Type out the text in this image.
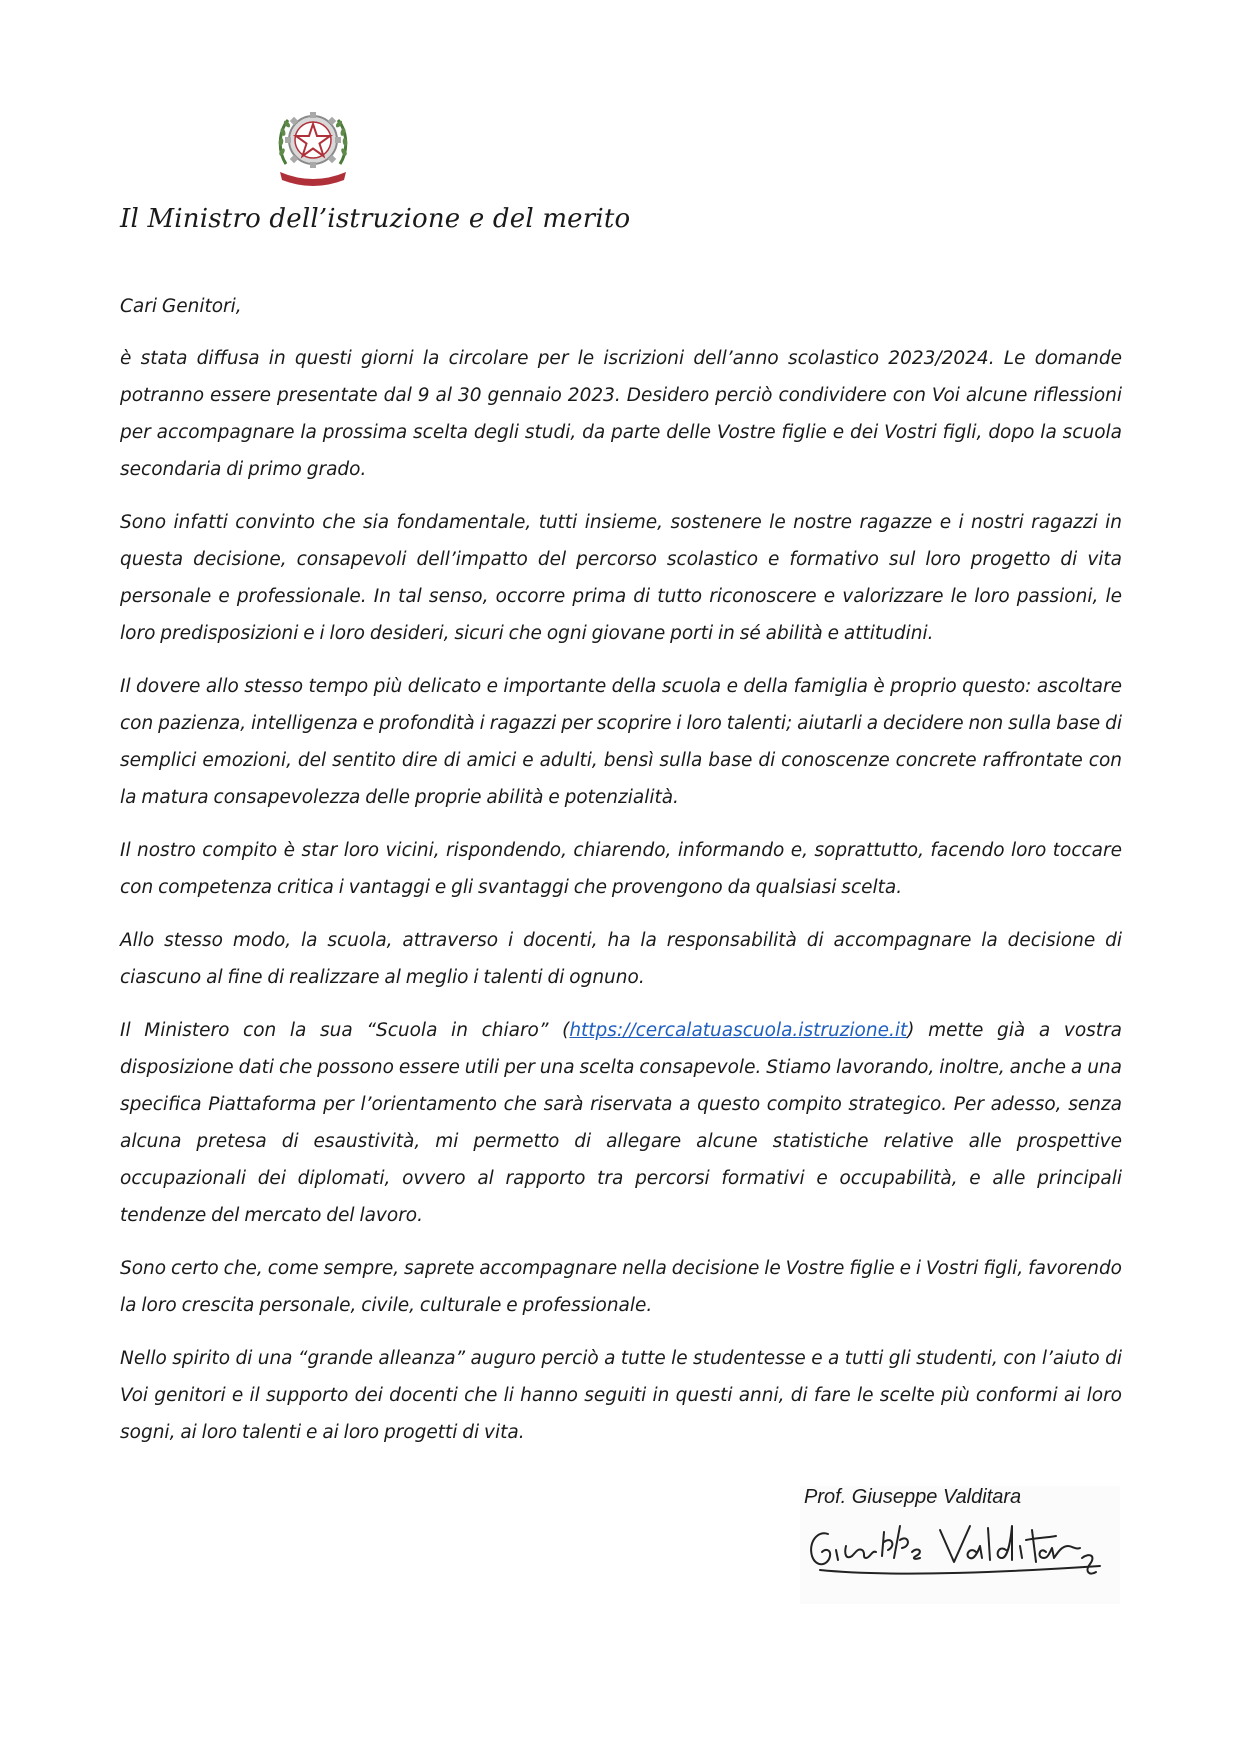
Il Ministro dell’istruzione e del merito

Cari Genitori,

è stata diffusa in questi giorni la circolare per le iscrizioni dell’anno scolastico 2023/2024. Le domande potranno essere presentate dal 9 al 30 gennaio 2023. Desidero perciò condividere con Voi alcune riflessioni per accompagnare la prossima scelta degli studi, da parte delle Vostre figlie e dei Vostri figli, dopo la scuola secondaria di primo grado.

Sono infatti convinto che sia fondamentale, tutti insieme, sostenere le nostre ragazze e i nostri ragazzi in questa decisione, consapevoli dell’impatto del percorso scolastico e formativo sul loro progetto di vita personale e professionale. In tal senso, occorre prima di tutto riconoscere e valorizzare le loro passioni, le loro predisposizioni e i loro desideri, sicuri che ogni giovane porti in sé abilità e attitudini.

Il dovere allo stesso tempo più delicato e importante della scuola e della famiglia è proprio questo: ascoltare con pazienza, intelligenza e profondità i ragazzi per scoprire i loro talenti; aiutarli a decidere non sulla base di semplici emozioni, del sentito dire di amici e adulti, bensì sulla base di conoscenze concrete raffrontate con la matura consapevolezza delle proprie abilità e potenzialità.

Il nostro compito è star loro vicini, rispondendo, chiarendo, informando e, soprattutto, facendo loro toccare con competenza critica i vantaggi e gli svantaggi che provengono da qualsiasi scelta.

Allo stesso modo, la scuola, attraverso i docenti, ha la responsabilità di accompagnare la decisione di ciascuno al fine di realizzare al meglio i talenti di ognuno.

Il Ministero con la sua “Scuola in chiaro” (https://cercalatuascuola.istruzione.it) mette già a vostra disposizione dati che possono essere utili per una scelta consapevole. Stiamo lavorando, inoltre, anche a una specifica Piattaforma per l’orientamento che sarà riservata a questo compito strategico. Per adesso, senza alcuna pretesa di esaustività, mi permetto di allegare alcune statistiche relative alle prospettive occupazionali dei diplomati, ovvero al rapporto tra percorsi formativi e occupabilità, e alle principali tendenze del mercato del lavoro.

Sono certo che, come sempre, saprete accompagnare nella decisione le Vostre figlie e i Vostri figli, favorendo la loro crescita personale, civile, culturale e professionale.

Nello spirito di una “grande alleanza” auguro perciò a tutte le studentesse e a tutti gli studenti, con l’aiuto di Voi genitori e il supporto dei docenti che li hanno seguiti in questi anni, di fare le scelte più conformi ai loro sogni, ai loro talenti e ai loro progetti di vita.

Prof. Giuseppe Valditara
